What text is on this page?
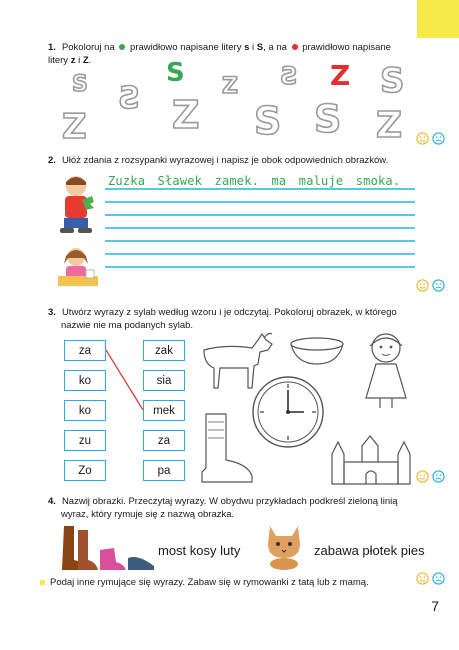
1. Pokoloruj na prawidłowo napisane litery s i S, a na prawidłowo napisane
litery z i Z.
S S
S Z S Z S
Z Z S S Z
2. Ułóż zdania z rozsypanki wyrazowej i napisz je obok odpowiednich obrazków.
Zuzka Sławek zamek. ma maluje smoka.
3. Utwórz wyrazy z sylab według wzoru i je odczytaj. Pokoloruj obrazek, w którego
nazwie nie ma podanych sylab.
za
ko
ko
zu
Zo
zak
sia
mek
za
pa
4. Nazwij obrazki. Przeczytaj wyrazy. W obydwu przykładach podkreśl zieloną linią
wyraz, który rymuje się z nazwą obrazka.
most kosy luty	zabawa płotek pies
Podaj inne rymujące się wyrazy. Zabaw się w rymowanki z tatą lub z mamą.
7
